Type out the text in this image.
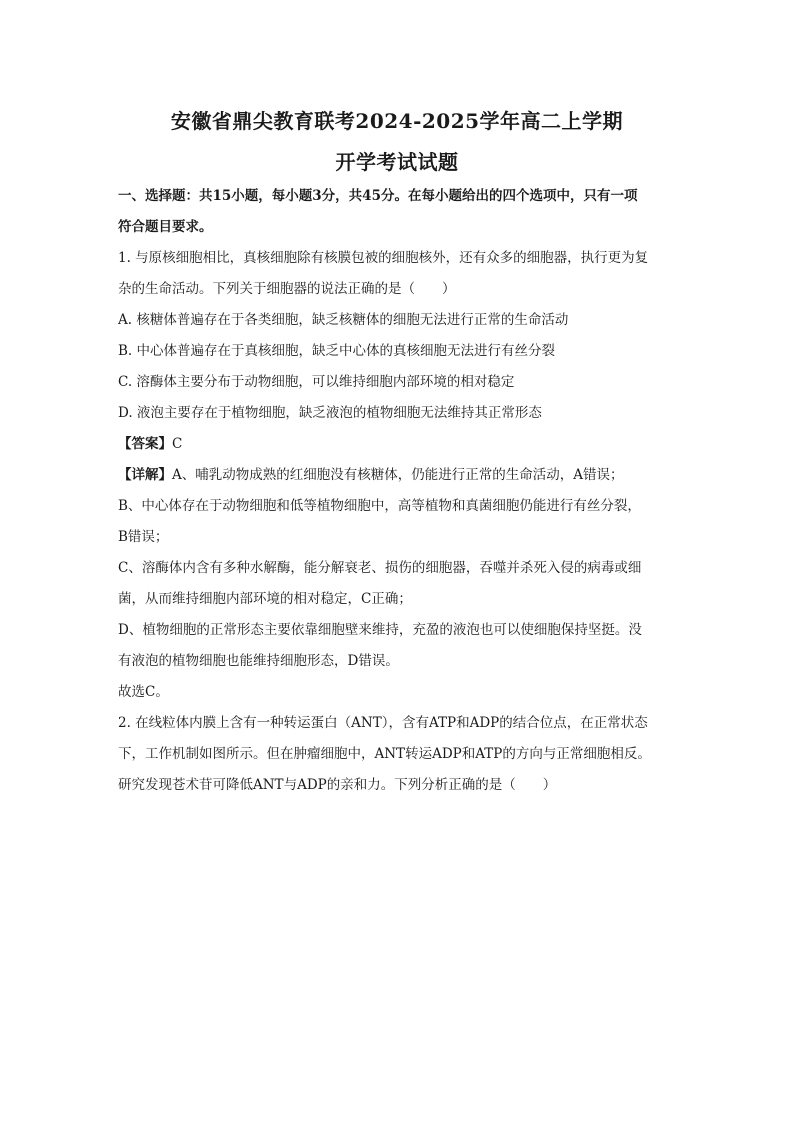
安徽省鼎尖教育联考2024-2025学年高二上学期
开学考试试题
一、选择题：共15小题，每小题3分，共45分。在每小题给出的四个选项中，只有一项
符合题目要求。
1. 与原核细胞相比，真核细胞除有核膜包被的细胞核外，还有众多的细胞器，执行更为复
杂的生命活动。下列关于细胞器的说法正确的是（　　）
A. 核糖体普遍存在于各类细胞，缺乏核糖体的细胞无法进行正常的生命活动
B. 中心体普遍存在于真核细胞，缺乏中心体的真核细胞无法进行有丝分裂
C. 溶酶体主要分布于动物细胞，可以维持细胞内部环境的相对稳定
D. 液泡主要存在于植物细胞，缺乏液泡的植物细胞无法维持其正常形态
【答案】C
【详解】A、哺乳动物成熟的红细胞没有核糖体，仍能进行正常的生命活动，A错误；
B、中心体存在于动物细胞和低等植物细胞中，高等植物和真菌细胞仍能进行有丝分裂，
B错误；
C、溶酶体内含有多种水解酶，能分解衰老、损伤的细胞器，吞噬并杀死入侵的病毒或细
菌，从而维持细胞内部环境的相对稳定，C正确；
D、植物细胞的正常形态主要依靠细胞壁来维持，充盈的液泡也可以使细胞保持坚挺。没
有液泡的植物细胞也能维持细胞形态，D错误。
故选C。
2. 在线粒体内膜上含有一种转运蛋白（ANT），含有ATP和ADP的结合位点，在正常状态
下，工作机制如图所示。但在肿瘤细胞中，ANT转运ADP和ATP的方向与正常细胞相反。
研究发现苍术苷可降低ANT与ADP的亲和力。下列分析正确的是（　　）
